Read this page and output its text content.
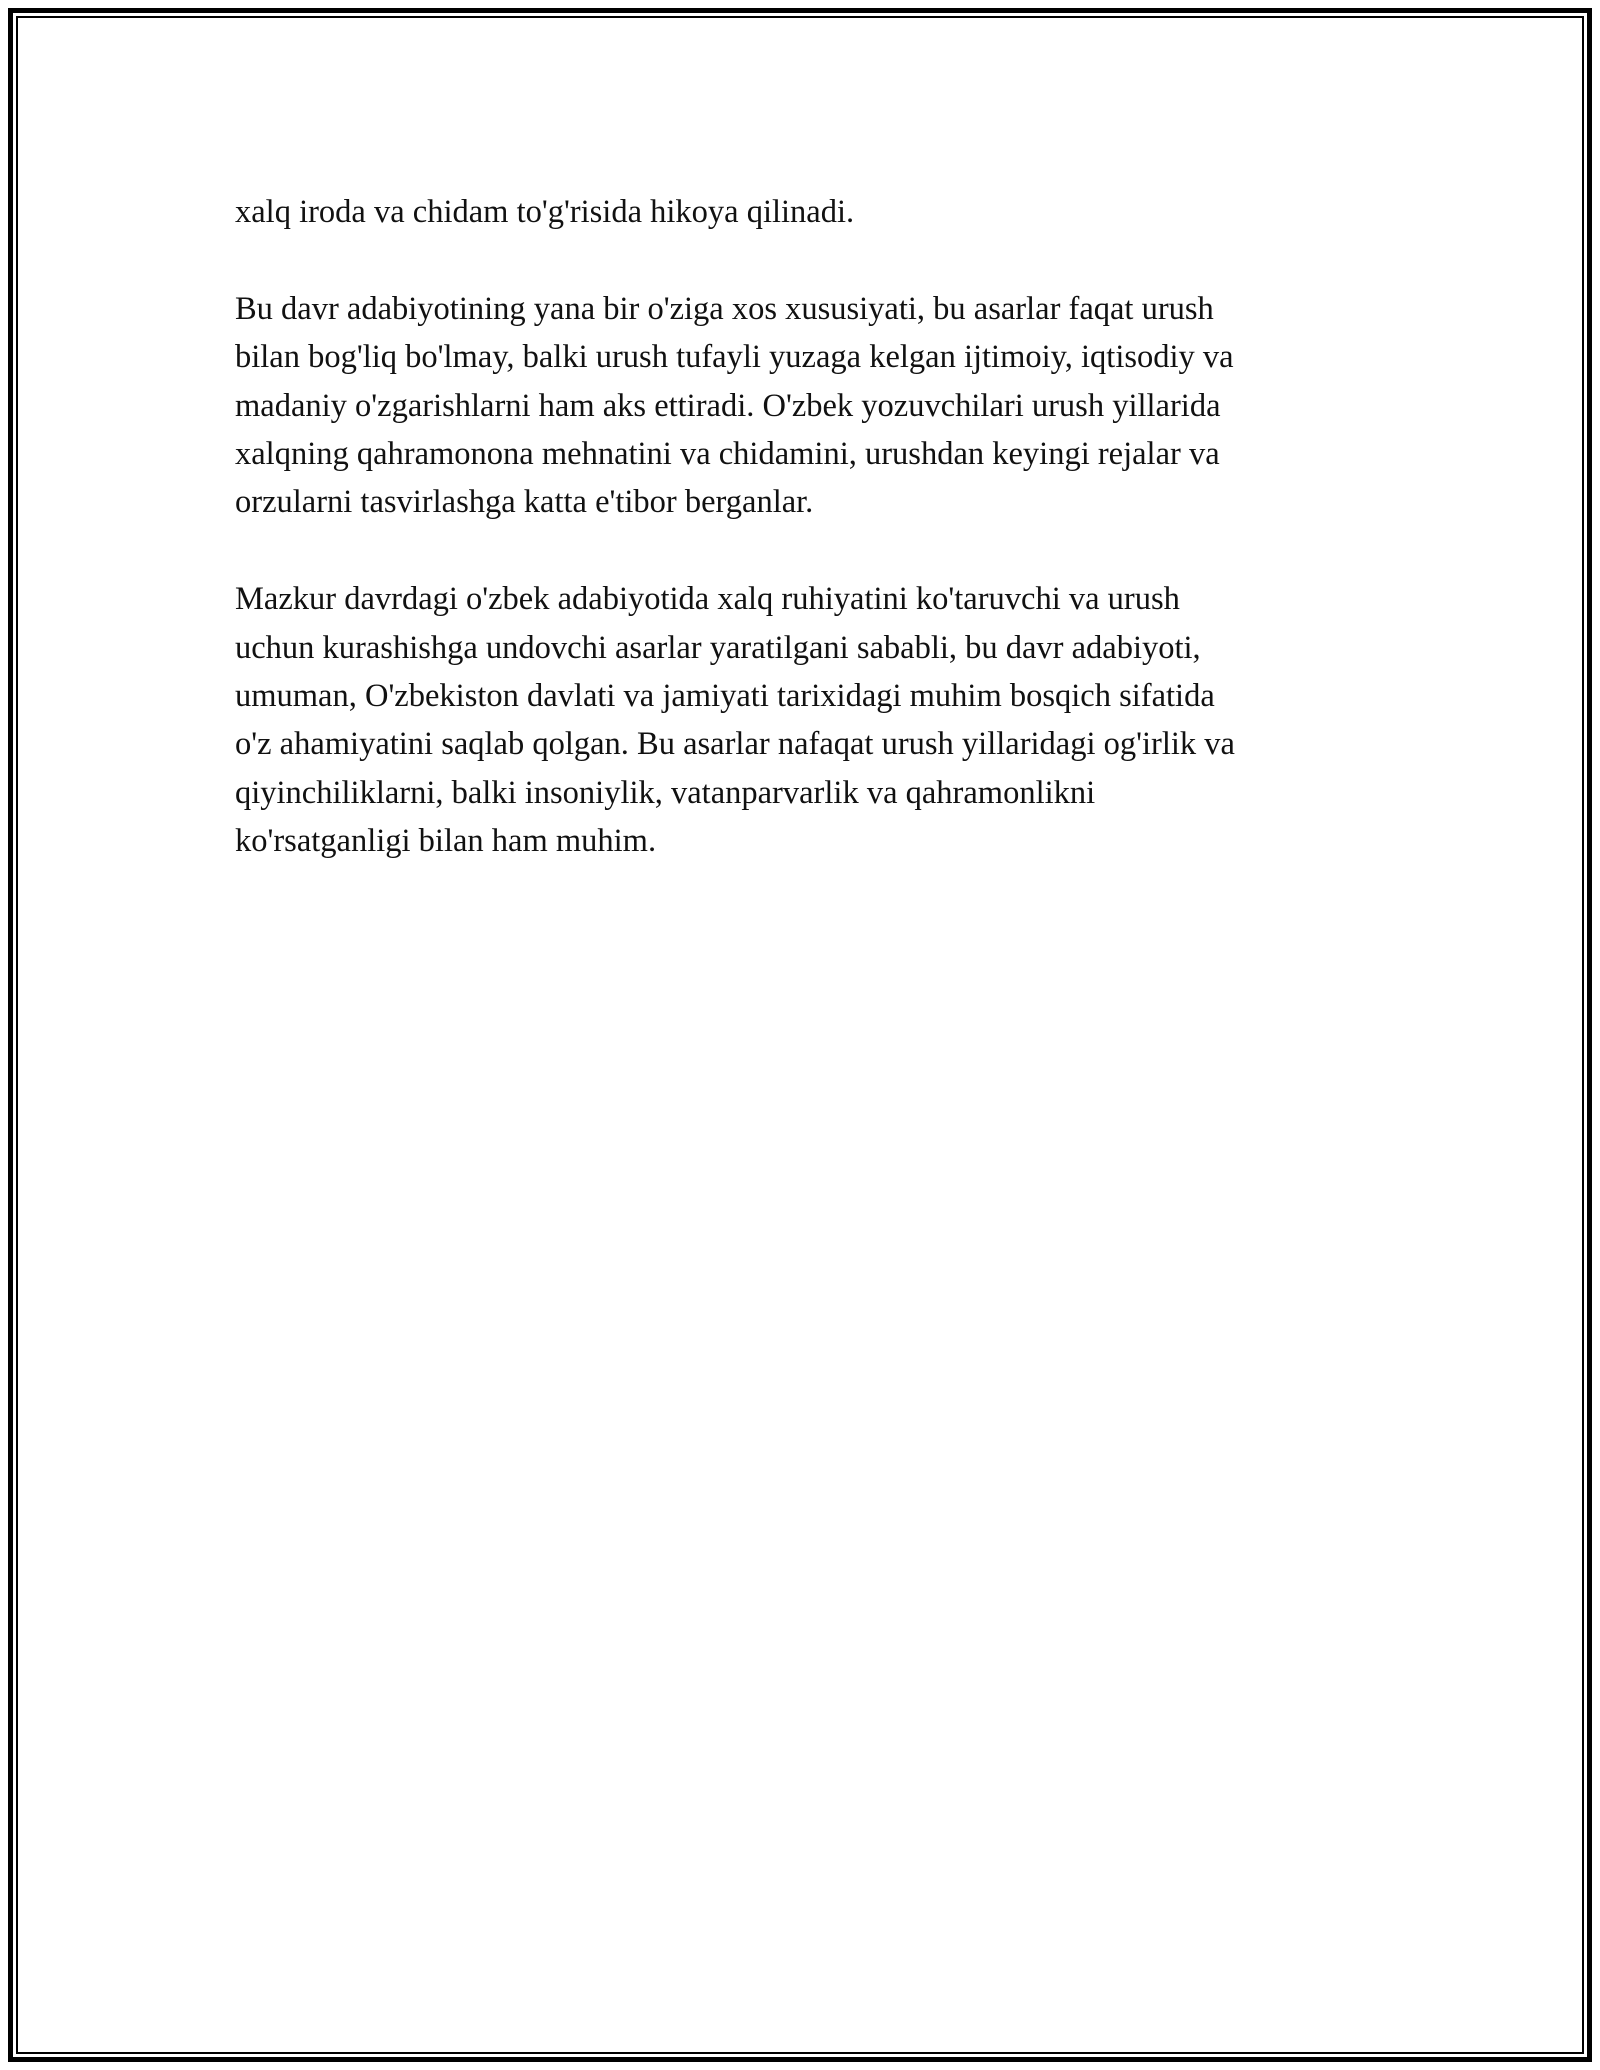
xalq iroda va chidam to'g'risida hikoya qilinadi.

Bu davr adabiyotining yana bir o'ziga xos xususiyati, bu asarlar faqat urush
bilan bog'liq bo'lmay, balki urush tufayli yuzaga kelgan ijtimoiy, iqtisodiy va
madaniy o'zgarishlarni ham aks ettiradi. O'zbek yozuvchilari urush yillarida
xalqning qahramonona mehnatini va chidamini, urushdan keyingi rejalar va
orzularni tasvirlashga katta e'tibor berganlar.

Mazkur davrdagi o'zbek adabiyotida xalq ruhiyatini ko'taruvchi va urush
uchun kurashishga undovchi asarlar yaratilgani sababli, bu davr adabiyoti,
umuman, O'zbekiston davlati va jamiyati tarixidagi muhim bosqich sifatida
o'z ahamiyatini saqlab qolgan. Bu asarlar nafaqat urush yillaridagi og'irlik va
qiyinchiliklarni, balki insoniylik, vatanparvarlik va qahramonlikni
ko'rsatganligi bilan ham muhim.
